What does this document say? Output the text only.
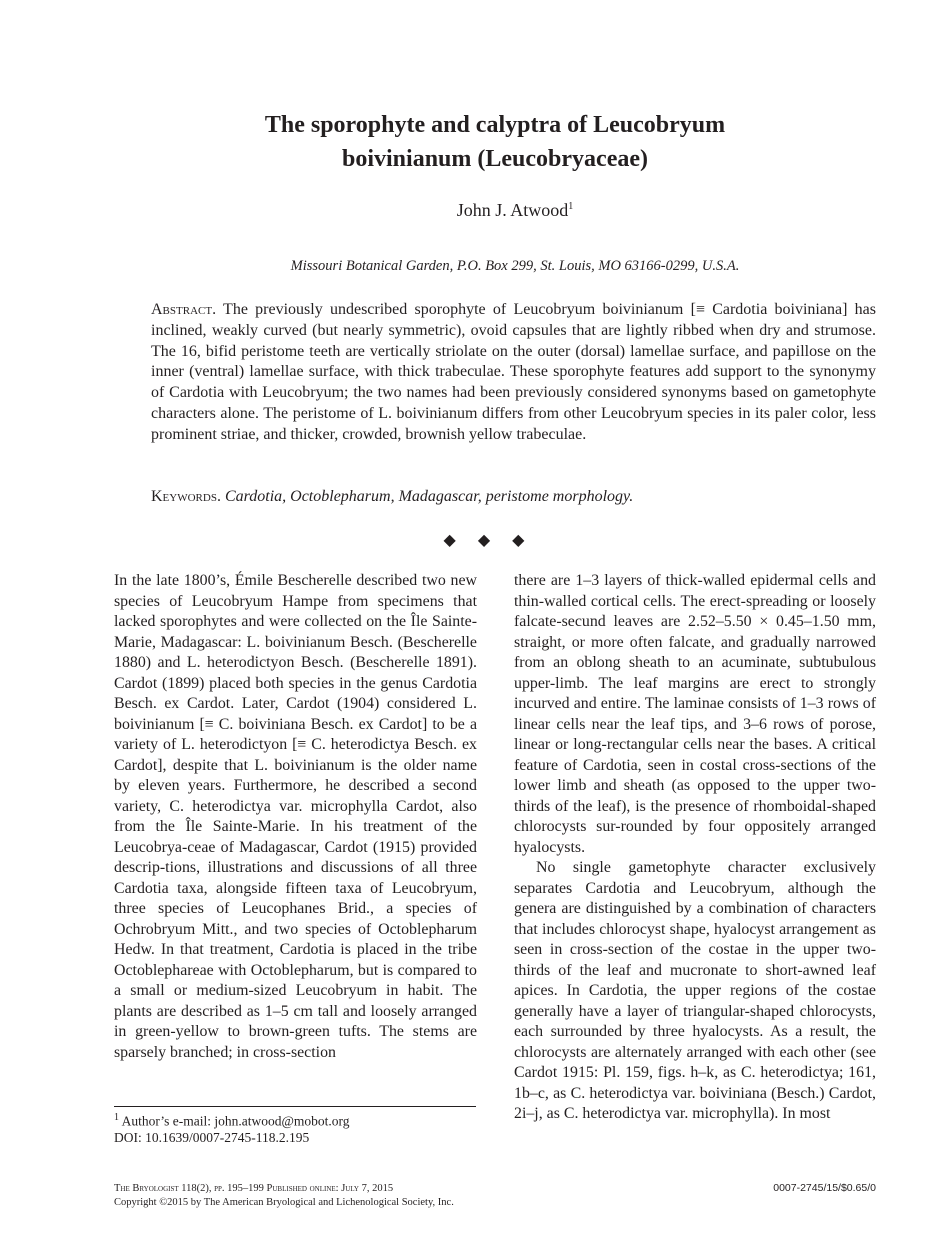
The sporophyte and calyptra of Leucobryum
boivinianum (Leucobryaceae)
John J. Atwood$^1$
Missouri Botanical Garden, P.O. Box 299, St. Louis, MO 63166-0299, U.S.A.
Abstract. The previously undescribed sporophyte of Leucobryum boivinianum [≡ Cardotia boiviniana] has inclined, weakly curved (but nearly symmetric), ovoid capsules that are lightly ribbed when dry and strumose. The 16, bifid peristome teeth are vertically striolate on the outer (dorsal) lamellae surface, and papillose on the inner (ventral) lamellae surface, with thick trabeculae. These sporophyte features add support to the synonymy of Cardotia with Leucobryum; the two names had been previously considered synonyms based on gametophyte characters alone. The peristome of L. boivinianum differs from other Leucobryum species in its paler color, less prominent striae, and thicker, crowded, brownish yellow trabeculae.
Keywords. Cardotia, Octoblepharum, Madagascar, peristome morphology.
◆◆◆

In the late 1800’s, Émile Bescherelle described two new species of Leucobryum Hampe from specimens that lacked sporophytes and were collected on the Île Sainte-Marie, Madagascar: L. boivinianum Besch. (Bescherelle 1880) and L. heterodictyon Besch. (Bescherelle 1891). Cardot (1899) placed both species in the genus Cardotia Besch. ex Cardot. Later, Cardot (1904) considered L. boivinianum [≡ C. boiviniana Besch. ex Cardot] to be a variety of L. heterodictyon [≡ C. heterodictya Besch. ex Cardot], despite that L. boivinianum is the older name by eleven years. Furthermore, he described a second variety, C. heterodictya var. microphylla Cardot, also from the Île Sainte-Marie. In his treatment of the Leucobrya-ceae of Madagascar, Cardot (1915) provided descrip-tions, illustrations and discussions of all three Cardotia taxa, alongside fifteen taxa of Leucobryum, three species of Leucophanes Brid., a species of Ochrobryum Mitt., and two species of Octoblepharum Hedw. In that treatment, Cardotia is placed in the tribe Octoblephareae with Octoblepharum, but is compared to a small or medium-sized Leucobryum in habit. The plants are described as 1–5 cm tall and loosely arranged in green-yellow to brown-green tufts. The stems are sparsely branched; in cross-section

there are 1–3 layers of thick-walled epidermal cells and thin-walled cortical cells. The erect-spreading or loosely falcate-secund leaves are 2.52–5.50 × 0.45–1.50 mm, straight, or more often falcate, and gradually narrowed from an oblong sheath to an acuminate, subtubulous upper-limb. The leaf margins are erect to strongly incurved and entire. The laminae consists of 1–3 rows of linear cells near the leaf tips, and 3–6 rows of porose, linear or long-rectangular cells near the bases. A critical feature of Cardotia, seen in costal cross-sections of the lower limb and sheath (as opposed to the upper two-thirds of the leaf), is the presence of rhomboidal-shaped chlorocysts sur-rounded by four oppositely arranged hyalocysts.

No single gametophyte character exclusively separates Cardotia and Leucobryum, although the genera are distinguished by a combination of characters that includes chlorocyst shape, hyalocyst arrangement as seen in cross-section of the costae in the upper two-thirds of the leaf and mucronate to short-awned leaf apices. In Cardotia, the upper regions of the costae generally have a layer of triangular-shaped chlorocysts, each surrounded by three hyalocysts. As a result, the chlorocysts are alternately arranged with each other (see Cardot 1915: Pl. 159, figs. h–k, as C. heterodictya; 161, 1b–c, as C. heterodictya var. boiviniana (Besch.) Cardot, 2i–j, as C. heterodictya var. microphylla). In most

$^1$ Author’s e-mail: john.atwood@mobot.org
DOI: 10.1639/0007-2745-118.2.195
The Bryologist 118(2), pp. 195–199 Published online: July 7, 2015
Copyright ©2015 by The American Bryological and Lichenological Society, Inc.
0007-2745/15/$0.65/0
